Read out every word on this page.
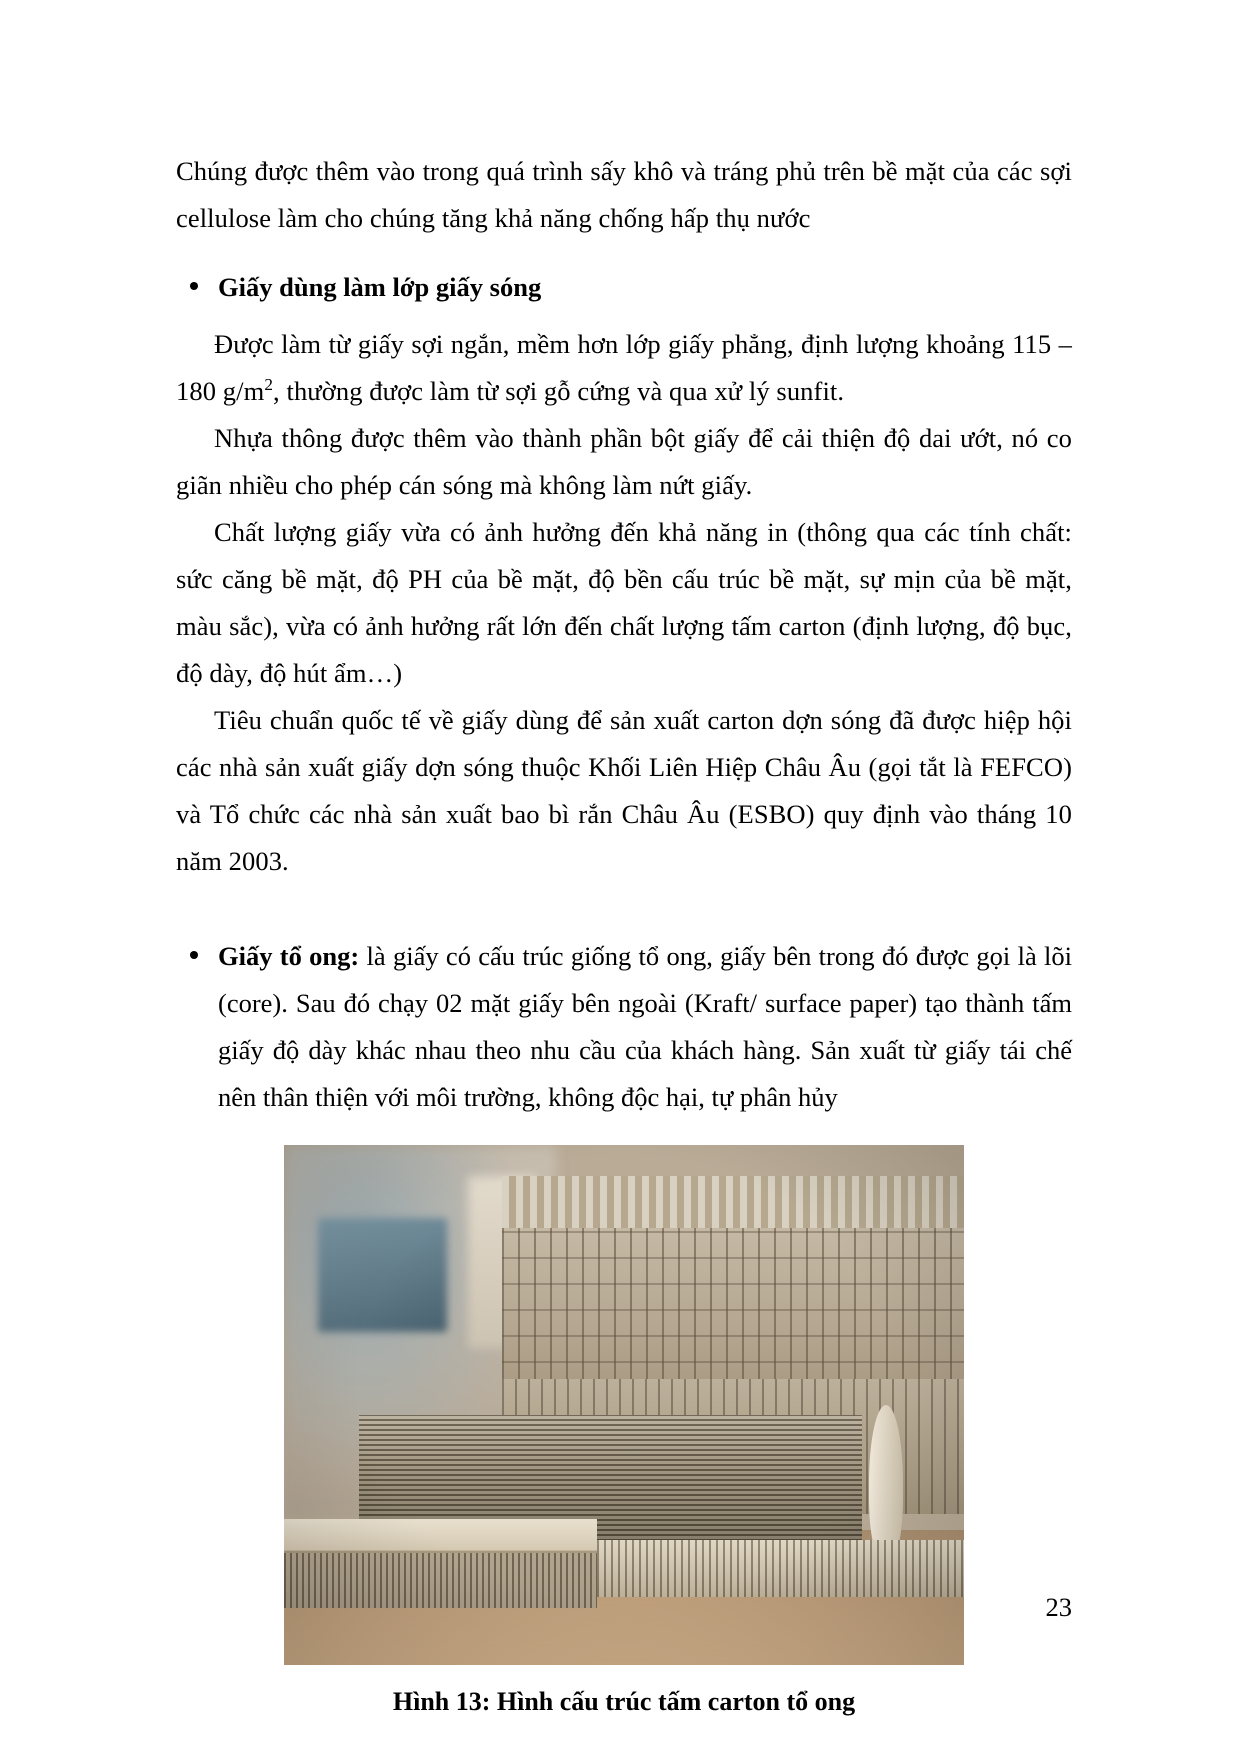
Chúng được thêm vào trong quá trình sấy khô và tráng phủ trên bề mặt của các sợi cellulose làm cho chúng tăng khả năng chống hấp thụ nước

Giấy dùng làm lớp giấy sóng

Được làm từ giấy sợi ngắn, mềm hơn lớp giấy phẳng, định lượng khoảng 115 – 180 $g/m^2$, thường được làm từ sợi gỗ cứng và qua xử lý sunfit.

Nhựa thông được thêm vào thành phần bột giấy để cải thiện độ dai ướt, nó co giãn nhiều cho phép cán sóng mà không làm nứt giấy.

Chất lượng giấy vừa có ảnh hưởng đến khả năng in (thông qua các tính chất: sức căng bề mặt, độ PH của bề mặt, độ bền cấu trúc bề mặt, sự mịn của bề mặt, màu sắc), vừa có ảnh hưởng rất lớn đến chất lượng tấm carton (định lượng, độ bục, độ dày, độ hút ẩm…)

Tiêu chuẩn quốc tế về giấy dùng để sản xuất carton dợn sóng đã được hiệp hội các nhà sản xuất giấy dợn sóng thuộc Khối Liên Hiệp Châu Âu (gọi tắt là FEFCO) và Tổ chức các nhà sản xuất bao bì rắn Châu Âu (ESBO) quy định vào tháng 10 năm 2003.

Giấy tổ ong: là giấy có cấu trúc giống tổ ong, giấy bên trong đó được gọi là lõi (core). Sau đó chạy 02 mặt giấy bên ngoài (Kraft/ surface paper) tạo thành tấm giấy độ dày khác nhau theo nhu cầu của khách hàng. Sản xuất từ giấy tái chế nên thân thiện với môi trường, không độc hại, tự phân hủy

Hình 13: Hình cấu trúc tấm carton tổ ong
23
